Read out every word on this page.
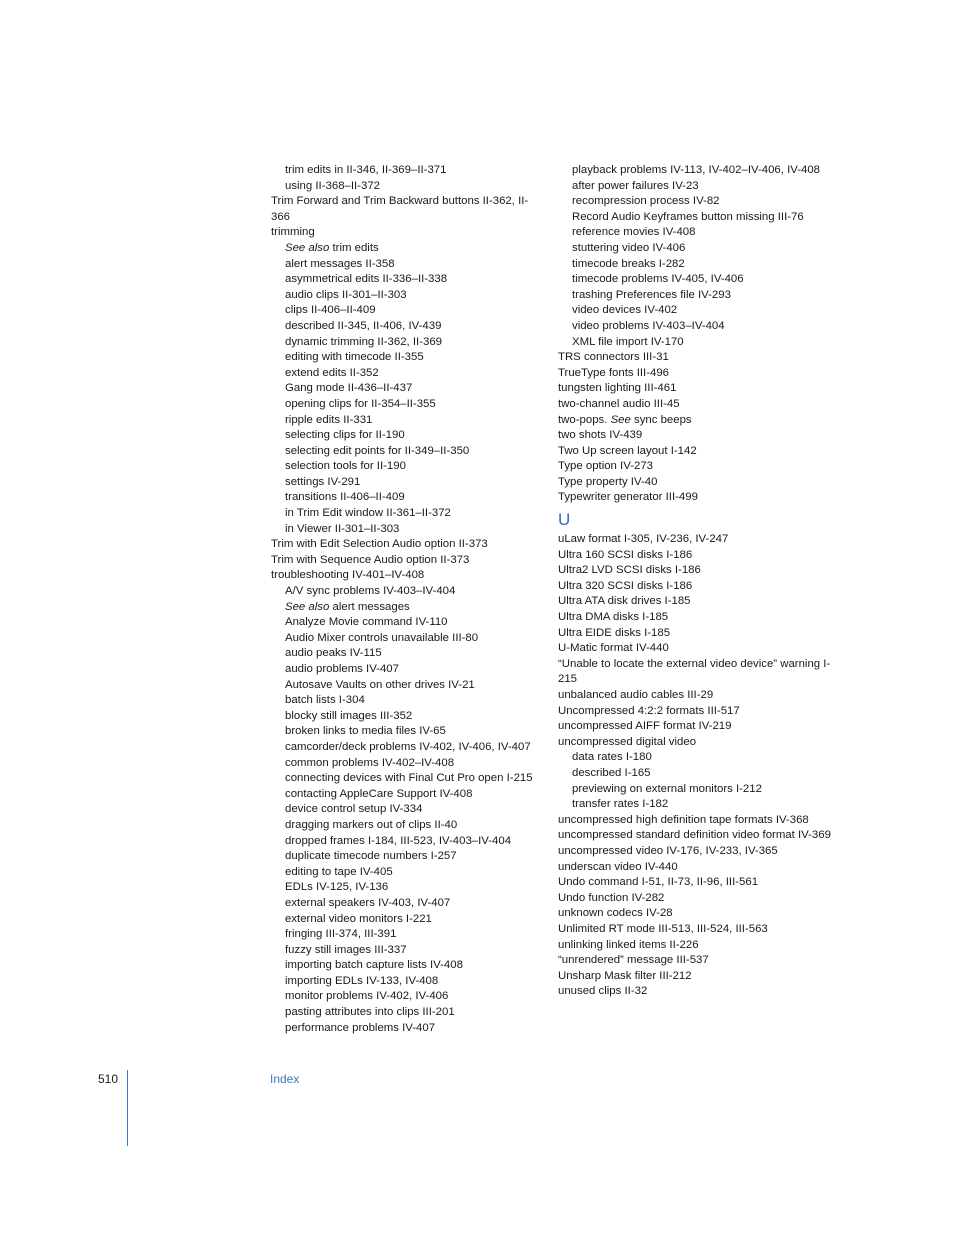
trim edits in II-346, II-369–II-371
using II-368–II-372
Trim Forward and Trim Backward buttons II-362, II-366
trimming
See also trim edits
alert messages II-358
asymmetrical edits II-336–II-338
audio clips II-301–II-303
clips II-406–II-409
described II-345, II-406, IV-439
dynamic trimming II-362, II-369
editing with timecode II-355
extend edits II-352
Gang mode II-436–II-437
opening clips for II-354–II-355
ripple edits II-331
selecting clips for II-190
selecting edit points for II-349–II-350
selection tools for II-190
settings IV-291
transitions II-406–II-409
in Trim Edit window II-361–II-372
in Viewer II-301–II-303
Trim with Edit Selection Audio option II-373
Trim with Sequence Audio option II-373
troubleshooting IV-401–IV-408
A/V sync problems IV-403–IV-404
See also alert messages
Analyze Movie command IV-110
Audio Mixer controls unavailable III-80
audio peaks IV-115
audio problems IV-407
Autosave Vaults on other drives IV-21
batch lists I-304
blocky still images III-352
broken links to media files IV-65
camcorder/deck problems IV-402, IV-406, IV-407
common problems IV-402–IV-408
connecting devices with Final Cut Pro open I-215
contacting AppleCare Support IV-408
device control setup IV-334
dragging markers out of clips II-40
dropped frames I-184, III-523, IV-403–IV-404
duplicate timecode numbers I-257
editing to tape IV-405
EDLs IV-125, IV-136
external speakers IV-403, IV-407
external video monitors I-221
fringing III-374, III-391
fuzzy still images III-337
importing batch capture lists IV-408
importing EDLs IV-133, IV-408
monitor problems IV-402, IV-406
pasting attributes into clips III-201
performance problems IV-407
playback problems IV-113, IV-402–IV-406, IV-408
after power failures IV-23
recompression process IV-82
Record Audio Keyframes button missing III-76
reference movies IV-408
stuttering video IV-406
timecode breaks I-282
timecode problems IV-405, IV-406
trashing Preferences file IV-293
video devices IV-402
video problems IV-403–IV-404
XML file import IV-170
TRS connectors III-31
TrueType fonts III-496
tungsten lighting III-461
two-channel audio III-45
two-pops. See sync beeps
two shots IV-439
Two Up screen layout I-142
Type option IV-273
Type property IV-40
Typewriter generator III-499
U
uLaw format I-305, IV-236, IV-247
Ultra 160 SCSI disks I-186
Ultra2 LVD SCSI disks I-186
Ultra 320 SCSI disks I-186
Ultra ATA disk drives I-185
Ultra DMA disks I-185
Ultra EIDE disks I-185
U-Matic format IV-440
“Unable to locate the external video device” warning I-215
unbalanced audio cables III-29
Uncompressed 4:2:2 formats III-517
uncompressed AIFF format IV-219
uncompressed digital video
data rates I-180
described I-165
previewing on external monitors I-212
transfer rates I-182
uncompressed high definition tape formats IV-368
uncompressed standard definition video format IV-369
uncompressed video IV-176, IV-233, IV-365
underscan video IV-440
Undo command I-51, II-73, II-96, III-561
Undo function IV-282
unknown codecs IV-28
Unlimited RT mode III-513, III-524, III-563
unlinking linked items II-226
“unrendered” message III-537
Unsharp Mask filter III-212
unused clips II-32
510	Index
